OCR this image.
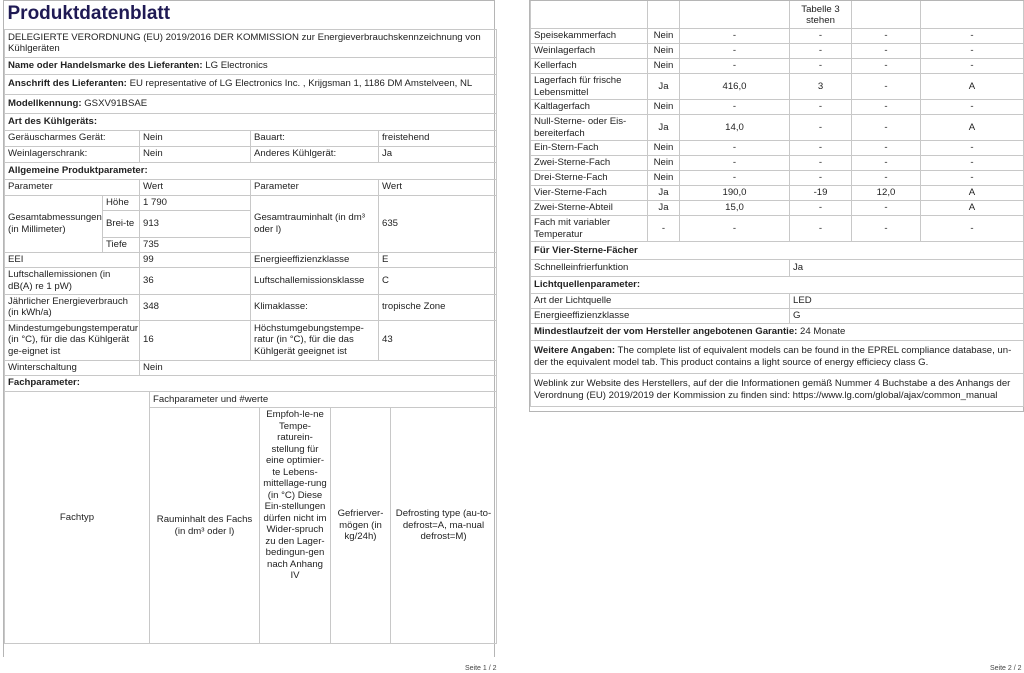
Produktdatenblatt				
DELEGIERTE VERORDNUNG (EU) 2019/2016 DER KOMMISSION zur Energieverbrauchskennzeichnung von Kühlgeräten				
Name oder Handelsmarke des Lieferanten: LG Electronics				
Anschrift des Lieferanten: EU representative of LG Electronics Inc. , Krijgsman 1, 1186 DM Amstelveen, NL				
Modellkennung: GSXV91BSAE				
Art des Kühlgeräts:				
Geräuscharmes Gerät:		Nein	Bauart:	freistehend
Weinlagerschrank:		Nein	Anderes Kühlgerät:	Ja
Allgemeine Produktparameter:				
Parameter		Wert	Parameter	Wert
Gesamtabmessungen (in Millimeter)	Höhe	1 790	Gesamtrauminhalt (in dm³ oder l)	635
	Brei-te	913		
	Tiefe	735		
EEI		99	Energieeffizienzklasse	E
Luftschallemissionen (in dB(A) re 1 pW)		36	Luftschallemissionsklasse	C
Jährlicher Energieverbrauch (in kWh/a)		348	Klimaklasse:	tropische Zone
Mindestumgebungstemperatur (in °C), für die das Kühlgerät ge-eignet ist		16	Höchstumgebungstempe-ratur (in °C), für die das Kühlgerät geeignet ist	43
Winterschaltung		Nein		
Fachparameter:				
Fachtyp	Fachparameter und #werte			
	Rauminhalt des Fachs (in dm³ oder l)	Empfoh-le-ne Tempe-raturein-stellung für eine optimier-te Lebens-mittellage-rung (in °C) Diese Ein-stellungen dürfen nicht im Wider-spruch zu den Lager-bedingun-gen nach Anhang IV	Gefrierver-mögen (in kg/24h)	Defrosting type (au-to-defrost=A, ma-nual defrost=M)
Seite 1 / 2
			Tabelle 3 stehen		
Speisekammerfach	Nein	-	-	-	-
Weinlagerfach	Nein	-	-	-	-
Kellerfach	Nein	-	-	-	-
Lagerfach für frische Lebensmittel	Ja	416,0	3	-	A
Kaltlagerfach	Nein	-	-	-	-
Null-Sterne- oder Eis-bereiterfach	Ja	14,0	-	-	A
Ein-Stern-Fach	Nein	-	-	-	-
Zwei-Sterne-Fach	Nein	-	-	-	-
Drei-Sterne-Fach	Nein	-	-	-	-
Vier-Sterne-Fach	Ja	190,0	-19	12,0	A
Zwei-Sterne-Abteil	Ja	15,0	-	-	A
Fach mit variabler Temperatur	-	-	-	-	-
Für Vier-Sterne-Fächer	
Schnelleinfrierfunktion	Ja
Lichtquellenparameter:	
Art der Lichtquelle	LED
Energieeffizienzklasse	G
Mindestlaufzeit der vom Hersteller angebotenen Garantie: 24 Monate	
Weitere Angaben: The complete list of equivalent models can be found in the EPREL compliance database, un-der the equivalent model tab. This product contains a light source of energy efficiecy class G.	
Weblink zur Website des Herstellers, auf der die Informationen gemäß Nummer 4 Buchstabe a des Anhangs der Verordnung (EU) 2019/2019 der Kommission zu finden sind: https://www.lg.com/global/ajax/common_manual	
Seite 2 / 2
